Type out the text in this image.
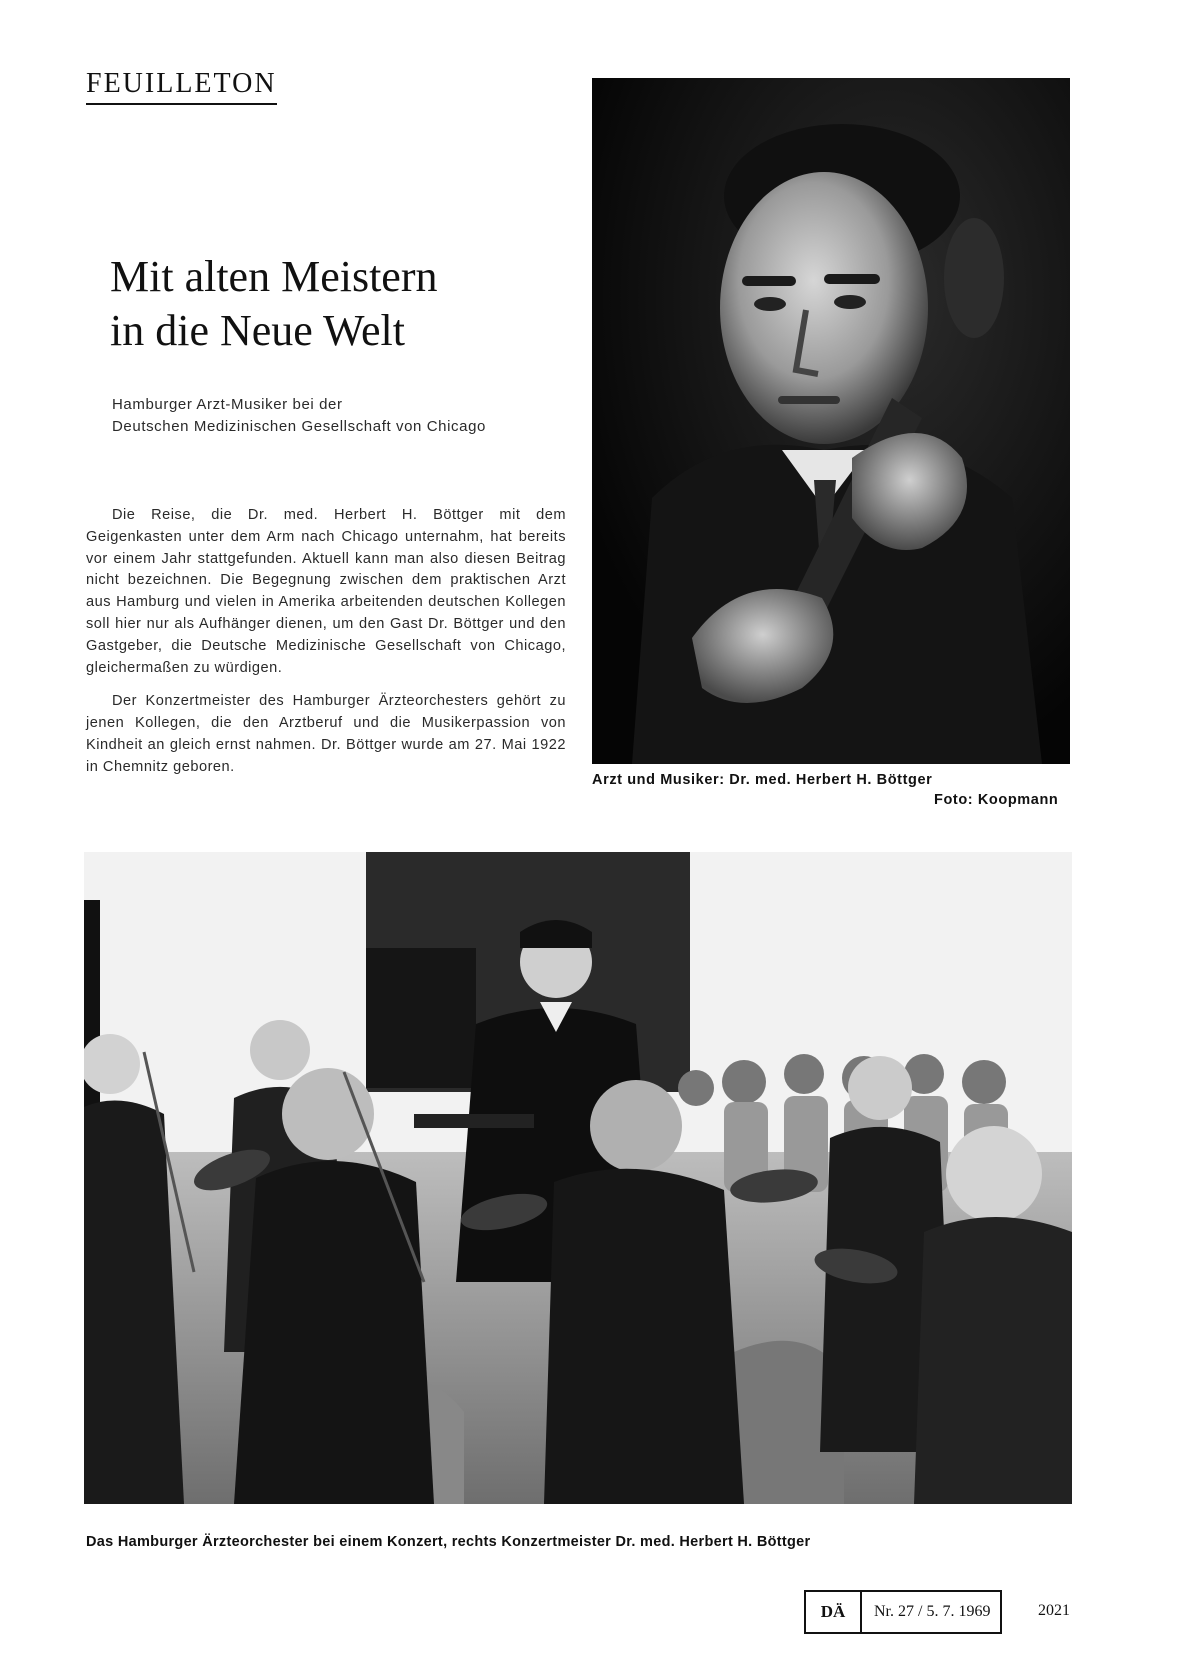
FEUILLETON
Mit alten Meistern
in die Neue Welt
Hamburger Arzt-Musiker bei der
Deutschen Medizinischen Gesellschaft von Chicago

Die Reise, die Dr. med. Herbert H. Böttger mit dem Geigenkasten unter dem Arm nach Chicago unternahm, hat bereits vor einem Jahr stattgefunden. Aktuell kann man also diesen Beitrag nicht bezeichnen. Die Begegnung zwischen dem praktischen Arzt aus Hamburg und vielen in Amerika arbeitenden deutschen Kollegen soll hier nur als Aufhänger dienen, um den Gast Dr. Böttger und den Gastgeber, die Deutsche Medizinische Gesellschaft von Chicago, gleichermaßen zu würdigen.

Der Konzertmeister des Hamburger Ärzteorchesters gehört zu jenen Kollegen, die den Arztberuf und die Musikerpassion von Kindheit an gleich ernst nahmen. Dr. Böttger wurde am 27. Mai 1922 in Chemnitz geboren.

Arzt und Musiker: Dr. med. Herbert H. Böttger
Foto: Koopmann
Das Hamburger Ärzteorchester bei einem Konzert, rechts Konzertmeister Dr. med. Herbert H. Böttger
DÄ	Nr. 27 / 5. 7. 1969	2021
